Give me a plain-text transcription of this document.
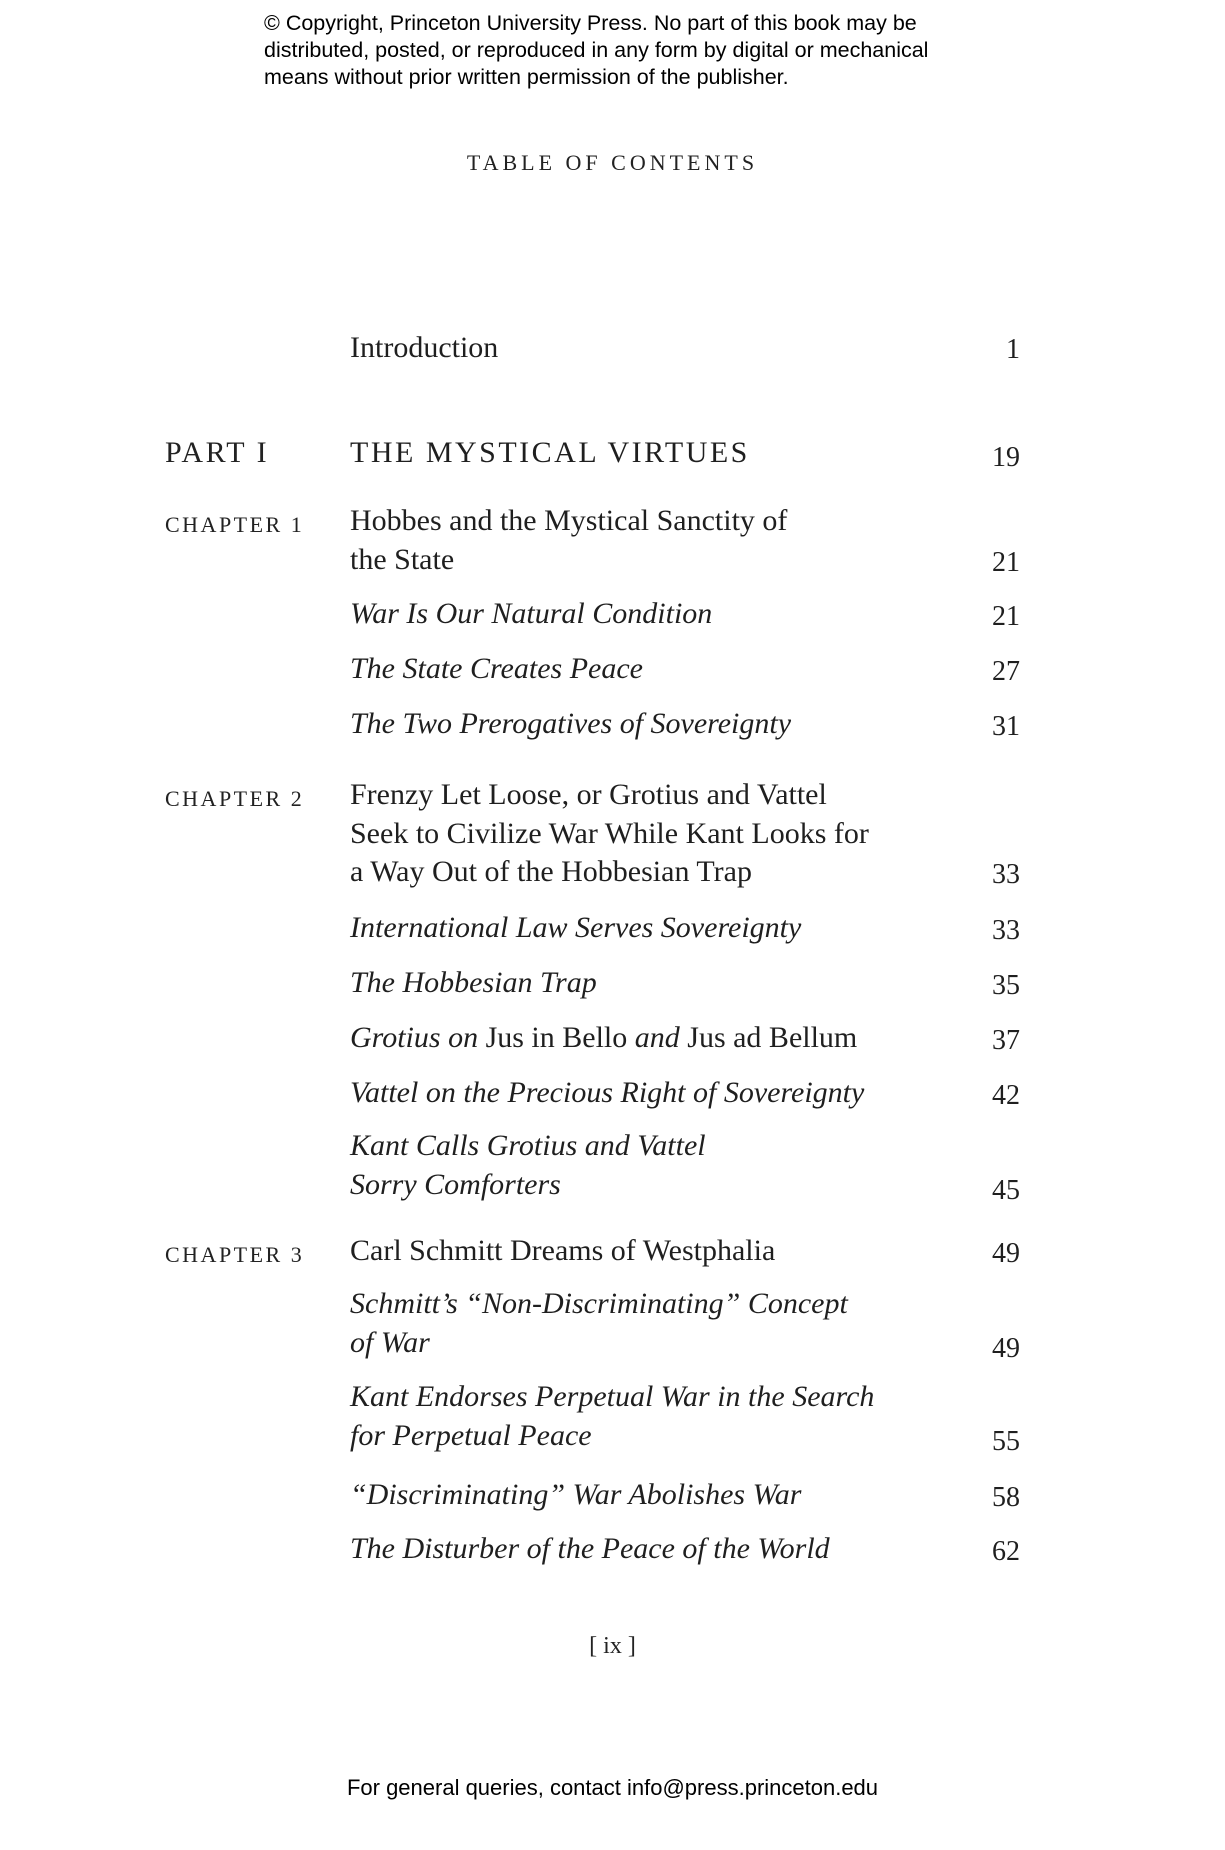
© Copyright, Princeton University Press. No part of this book may be
distributed, posted, or reproduced in any form by digital or mechanical
means without prior written permission of the publisher.
TABLE OF CONTENTS
Introduction	1
PART I	THE MYSTICAL VIRTUES	19
CHAPTER 1 Hobbes and the Mystical Sanctity of
the State	21
War Is Our Natural Condition	21
The State Creates Peace	27
The Two Prerogatives of Sovereignty	31
CHAPTER 2 Frenzy Let Loose, or Grotius and Vattel
Seek to Civilize War While Kant Looks for
a Way Out of the Hobbesian Trap	33
International Law Serves Sovereignty	33
The Hobbesian Trap	35
Grotius on Jus in Bello and Jus ad Bellum	37
Vattel on the Precious Right of Sovereignty	42
Kant Calls Grotius and Vattel
Sorry Comforters	45
CHAPTER 3 Carl Schmitt Dreams of Westphalia	49
Schmitt’s “Non-Discriminating” Concept
of War	49
Kant Endorses Perpetual War in the Search
for Perpetual Peace	55
“Discriminating” War Abolishes War	58
The Disturber of the Peace of the World	62
[ ix ]
For general queries, contact info@press.princeton.edu
